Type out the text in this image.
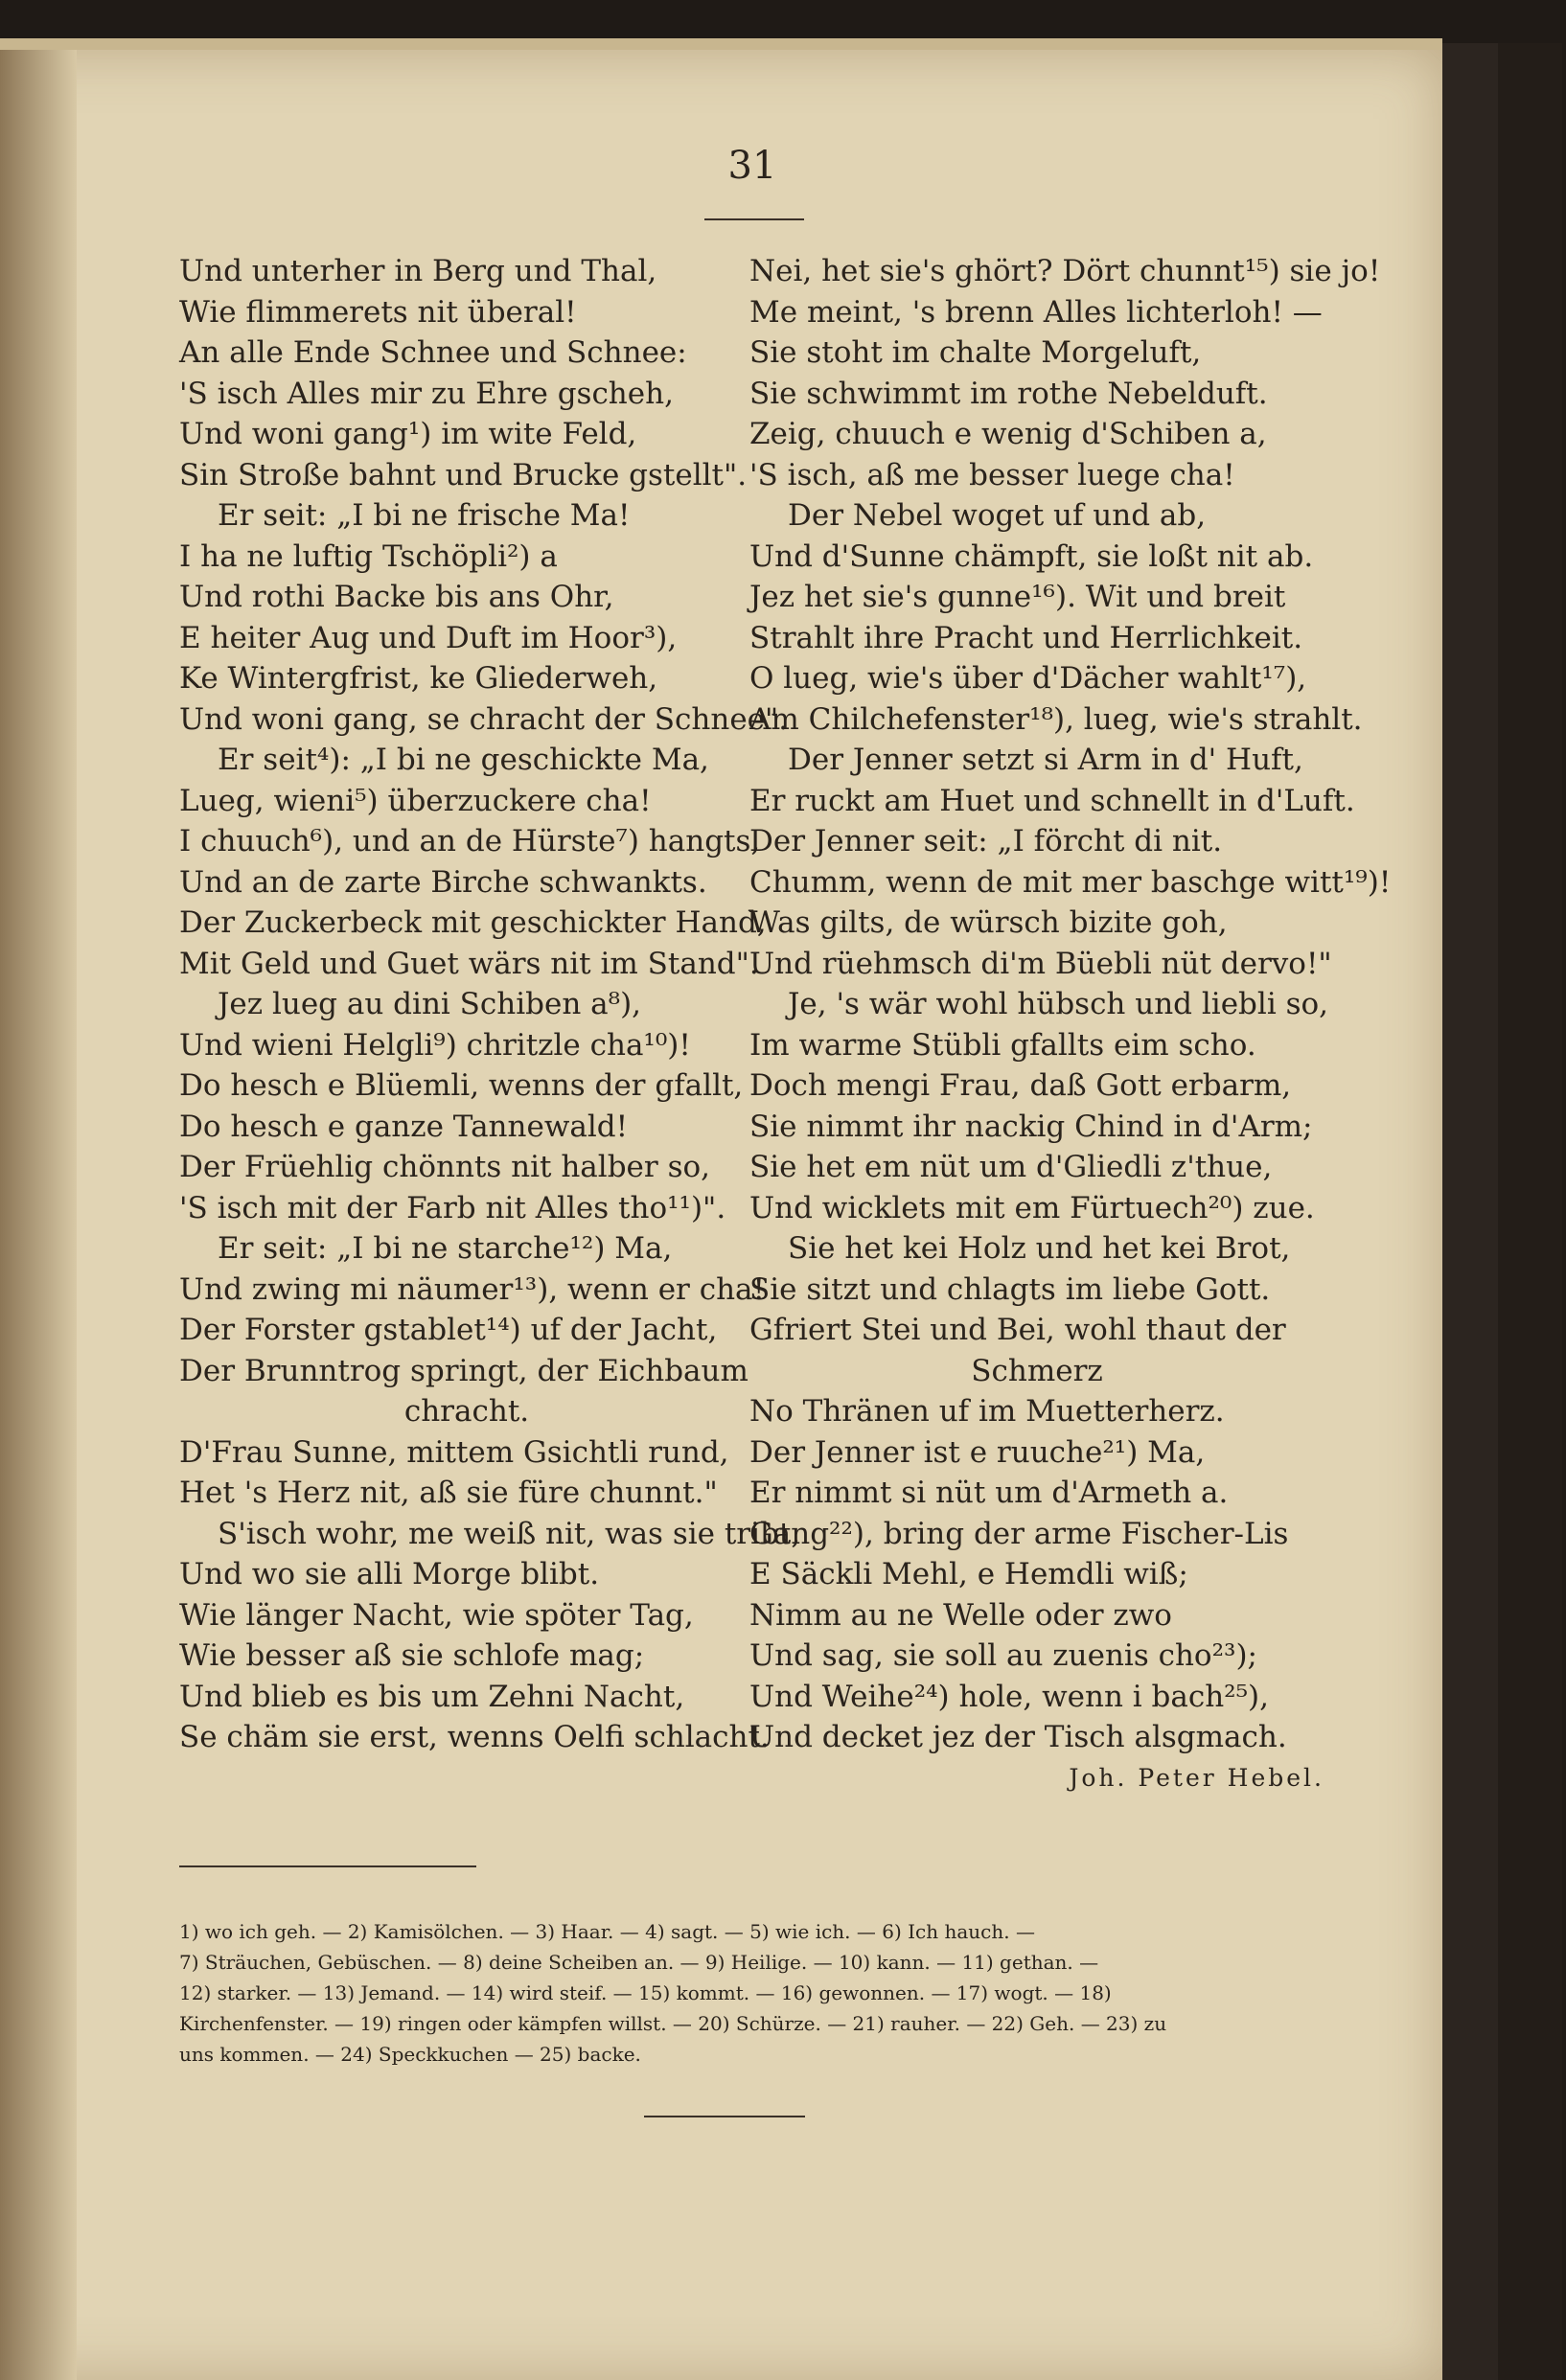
31
Und unterher in Berg und Thal,
Wie flimmerets nit überal!
An alle Ende Schnee und Schnee:
'S isch Alles mir zu Ehre gscheh,
Und woni gang¹) im wite Feld,
Sin Stroße bahnt und Brucke gstellt".
Er seit: „I bi ne frische Ma!
I ha ne luftig Tschöpli²) a
Und rothi Backe bis ans Ohr,
E heiter Aug und Duft im Hoor³),
Ke Wintergfrist, ke Gliederweh,
Und woni gang, se chracht der Schnee".
Er seit⁴): „I bi ne geschickte Ma,
Lueg, wieni⁵) überzuckere cha!
I chuuch⁶), und an de Hürste⁷) hangts,
Und an de zarte Birche schwankts.
Der Zuckerbeck mit geschickter Hand,
Mit Geld und Guet wärs nit im Stand".
Jez lueg au dini Schiben a⁸),
Und wieni Helgli⁹) chritzle cha¹⁰)!
Do hesch e Blüemli, wenns der gfallt,
Do hesch e ganze Tannewald!
Der Früehlig chönnts nit halber so,
'S isch mit der Farb nit Alles tho¹¹)".
Er seit: „I bi ne starche¹²) Ma,
Und zwing mi näumer¹³), wenn er cha!
Der Forster gstablet¹⁴) uf der Jacht,
Der Brunntrog springt, der Eichbaum
chracht.
D'Frau Sunne, mittem Gsichtli rund,
Het 's Herz nit, aß sie füre chunnt."
S'isch wohr, me weiß nit, was sie tribt,
Und wo sie alli Morge blibt.
Wie länger Nacht, wie spöter Tag,
Wie besser aß sie schlofe mag;
Und blieb es bis um Zehni Nacht,
Se chäm sie erst, wenns Oelfi schlacht.
Nei, het sie's ghört? Dört chunnt¹⁵) sie jo!
Me meint, 's brenn Alles lichterloh! —
Sie stoht im chalte Morgeluft,
Sie schwimmt im rothe Nebelduft.
Zeig, chuuch e wenig d'Schiben a,
'S isch, aß me besser luege cha!
Der Nebel woget uf und ab,
Und d'Sunne chämpft, sie loßt nit ab.
Jez het sie's gunne¹⁶). Wit und breit
Strahlt ihre Pracht und Herrlichkeit.
O lueg, wie's über d'Dächer wahlt¹⁷),
Am Chilchefenster¹⁸), lueg, wie's strahlt.
Der Jenner setzt si Arm in d' Huft,
Er ruckt am Huet und schnellt in d'Luft.
Der Jenner seit: „I förcht di nit.
Chumm, wenn de mit mer baschge witt¹⁹)!
Was gilts, de würsch bizite goh,
Und rüehmsch di'm Büebli nüt dervo!"
Je, 's wär wohl hübsch und liebli so,
Im warme Stübli gfallts eim scho.
Doch mengi Frau, daß Gott erbarm,
Sie nimmt ihr nackig Chind in d'Arm;
Sie het em nüt um d'Gliedli z'thue,
Und wicklets mit em Fürtuech²⁰) zue.
Sie het kei Holz und het kei Brot,
Sie sitzt und chlagts im liebe Gott.
Gfriert Stei und Bei, wohl thaut der
Schmerz
No Thränen uf im Muetterherz.
Der Jenner ist e ruuche²¹) Ma,
Er nimmt si nüt um d'Armeth a.
Gang²²), bring der arme Fischer-Lis
E Säckli Mehl, e Hemdli wiß;
Nimm au ne Welle oder zwo
Und sag, sie soll au zuenis cho²³);
Und Weihe²⁴) hole, wenn i bach²⁵),
Und decket jez der Tisch alsgmach.
Joh. Peter Hebel.
1) wo ich geh. — 2) Kamisölchen. — 3) Haar. — 4) sagt. — 5) wie ich. — 6) Ich hauch. —
7) Sträuchen, Gebüschen. — 8) deine Scheiben an. — 9) Heilige. — 10) kann. — 11) gethan. —
12) starker. — 13) Jemand. — 14) wird steif. — 15) kommt. — 16) gewonnen. — 17) wogt. — 18)
Kirchenfenster. — 19) ringen oder kämpfen willst. — 20) Schürze. — 21) rauher. — 22) Geh. — 23) zu
uns kommen. — 24) Speckkuchen — 25) backe.
